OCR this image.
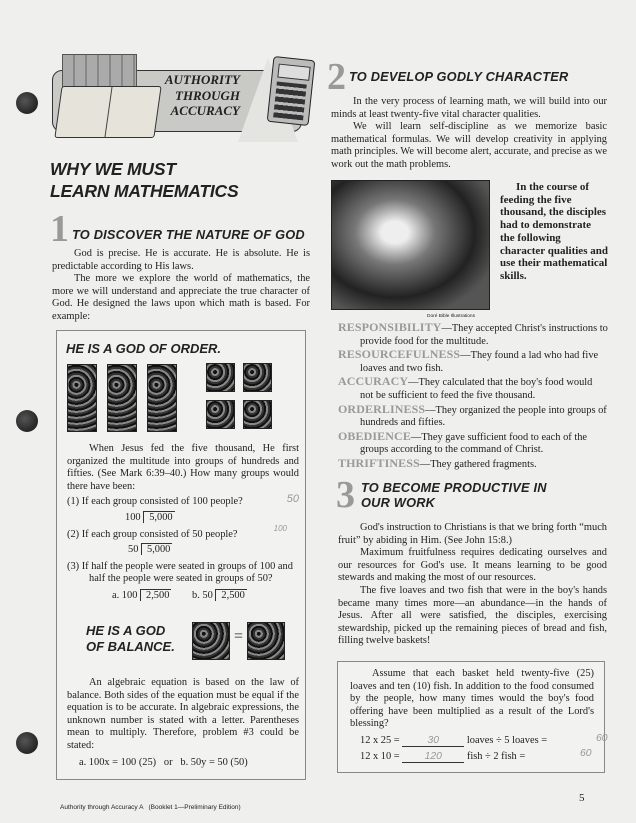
AUTHORITY
THROUGH
ACCURACY
WHY WE MUST
LEARN MATHEMATICS
1 TO DISCOVER THE NATURE OF GOD

God is precise. He is accurate. He is absolute. He is predictable according to His laws.

The more we explore the world of mathematics, the more we will understand and appreciate the true character of God. He designed the laws upon which math is based. For example:

HE IS A GOD OF ORDER.

When Jesus fed the five thousand, He first organized the multitude into groups of hundreds and fifties. (See Mark 6:39–40.) How many groups would there have been:

(1) If each group consisted of 100 people?	50
100 5,000
(2) If each group consisted of 50 people?
100
50 5,000

(3) If half the people were seated in groups of 100 and half the people were seated in groups of 50?

a. 100 2,500 b. 50 2,500
HE IS A GOD
OF BALANCE.
=

An algebraic equation is based on the law of balance. Both sides of the equation must be equal if the equation is to be accurate. In algebraic expressions, the unknown number is stated with a letter. Parentheses mean to multiply. Therefore, problem #3 could be stated:

a. 100x = 100 (25)   or   b. 50y = 50 (50)
Authority through Accuracy A   (Booklet 1—Preliminary Edition)
2 TO DEVELOP GODLY CHARACTER

In the very process of learning math, we will build into our minds at least twenty-five vital character qualities.

We will learn self-discipline as we memorize basic mathematical formulas. We will develop creativity in applying math principles. We will become alert, accurate, and precise as we work out the math problems.

Doré Bible Illustrations
In the course of feeding the five thousand, the disciples had to demonstrate the following character qualities and use their mathematical skills.

RESPONSIBILITY—They accepted Christ's instructions to provide food for the multitude.

RESOURCEFULNESS—They found a lad who had five loaves and two fish.

ACCURACY—They calculated that the boy's food would not be sufficient to feed the five thousand.

ORDERLINESS—They organized the people into groups of hundreds and fifties.

OBEDIENCE—They gave sufficient food to each of the groups according to the command of Christ.

THRIFTINESS—They gathered fragments.

3 TO BECOME PRODUCTIVE IN
OUR WORK

God's instruction to Christians is that we bring forth “much fruit” by abiding in Him. (See John 15:8.)

Maximum fruitfulness requires dedicating ourselves and our resources for God's use. It means learning to be good stewards and making the most of our resources.

The five loaves and two fish that were in the boy's hands became many times more—an abundance—in the hands of Jesus. After all were satisfied, the disciples, exercising stewardship, picked up the remaining pieces of bread and fish, filling twelve baskets!

Assume that each basket held twenty-five (25) loaves and ten (10) fish. In addition to the food consumed by the people, how many times would the boy's food offering have been multiplied as a result of the Lord's blessing?

12 x 25 =	30	loaves ÷ 5 loaves =	60
12 x 10 = 120 fish ÷ 2 fish =	60
5
